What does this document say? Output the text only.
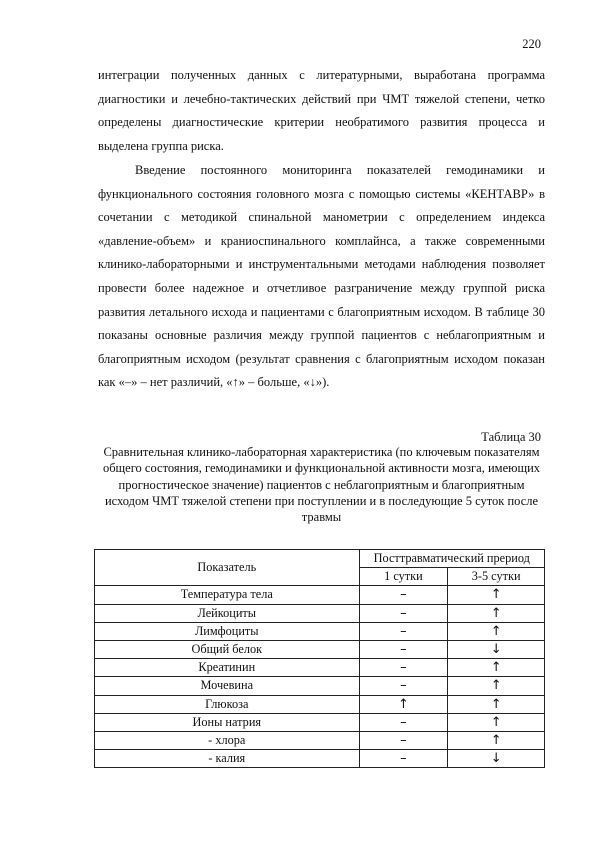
220

интеграции полученных данных с литературными, выработана программа диагностики и лечебно-тактических действий при ЧМТ тяжелой степени, четко определены диагностические критерии необратимого развития процесса и выделена группа риска.

Введение постоянного мониторинга показателей гемодинамики и функционального состояния головного мозга с помощью системы «КЕНТАВР» в сочетании с методикой спинальной манометрии с определением индекса «давление-объем» и краниоспинального комплайнса, а также современными клинико-лабораторными и инструментальными методами наблюдения позволяет провести более надежное и отчетливое разграничение между группой риска развития летального исхода и пациентами с благоприятным исходом. В таблице 30 показаны основные различия между группой пациентов с неблагоприятным и благоприятным исходом (результат сравнения с благоприятным исходом показан как «–» – нет различий, «↑» – больше, «↓»).

Таблица 30
Сравнительная клинико-лабораторная характеристика (по ключевым показателям общего состояния, гемодинамики и функциональной активности мозга, имеющих прогностическое значение) пациентов с неблагоприятным и благоприятным исходом ЧМТ тяжелой степени при поступлении и в последующие 5 суток после травмы
Показатель	Посттравматический прериод	
	1 сутки	3-5 сутки
Температура тела	–	↑
Лейкоциты	–	↑
Лимфоциты	–	↑
Общий белок	–	↓
Креатинин	–	↑
Мочевина	–	↑
Глюкоза	↑	↑
Ионы натрия	–	↑
- хлора	–	↑
- калия	–	↓
